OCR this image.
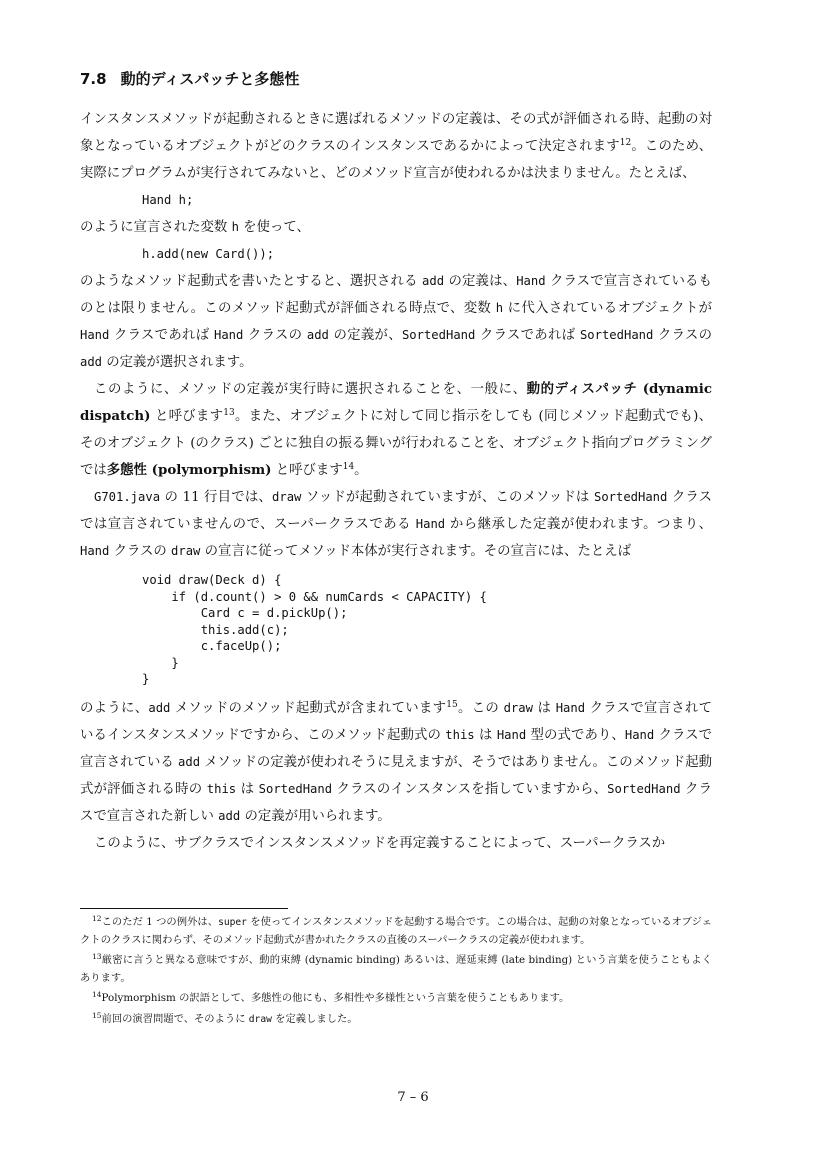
7.8 動的ディスパッチと多態性

インスタンスメソッドが起動されるときに選ばれるメソッドの定義は、その式が評価される時、起動の対象となっているオブジェクトがどのクラスのインスタンスであるかによって決定されます$^{12}$。このため、実際にプログラムが実行されてみないと、どのメソッド宣言が使われるかは決まりません。たとえば、

Hand h;

のように宣言された変数 h を使って、

h.add(new Card());

のようなメソッド起動式を書いたとすると、選択される add の定義は、Hand クラスで宣言されているものとは限りません。このメソッド起動式が評価される時点で、変数 h に代入されているオブジェクトが Hand クラスであれば Hand クラスの add の定義が、SortedHand クラスであれば SortedHand クラスの add の定義が選択されます。

このように、メソッドの定義が実行時に選択されることを、一般に、動的ディスパッチ (dynamic dispatch) と呼びます$^{13}$。また、オブジェクトに対して同じ指示をしても (同じメソッド起動式でも)、そのオブジェクト (のクラス) ごとに独自の振る舞いが行われることを、オブジェクト指向プログラミングでは多態性 (polymorphism) と呼びます$^{14}$。

G701.java の 11 行目では、draw ソッドが起動されていますが、このメソッドは SortedHand クラスでは宣言されていませんので、スーパークラスである Hand から継承した定義が使われます。つまり、Hand クラスの draw の宣言に従ってメソッド本体が実行されます。その宣言には、たとえば

void draw(Deck d) {
if (d.count() > 0 && numCards < CAPACITY) {
Card c = d.pickUp();
this.add(c);
c.faceUp();
}
}

のように、add メソッドのメソッド起動式が含まれています$^{15}$。この draw は Hand クラスで宣言されているインスタンスメソッドですから、このメソッド起動式の this は Hand 型の式であり、Hand クラスで宣言されている add メソッドの定義が使われそうに見えますが、そうではありません。このメソッド起動式が評価される時の this は SortedHand クラスのインスタンスを指していますから、SortedHand クラスで宣言された新しい add の定義が用いられます。

このように、サブクラスでインスタンスメソッドを再定義することによって、スーパークラスか

$^{12}$このただ 1 つの例外は、super を使ってインスタンスメソッドを起動する場合です。この場合は、起動の対象となっているオブジェクトのクラスに関わらず、そのメソッド起動式が書かれたクラスの直後のスーパークラスの定義が使われます。
$^{13}$厳密に言うと異なる意味ですが、動的束縛 (dynamic binding) あるいは、遅延束縛 (late binding) という言葉を使うこともよくあります。
$^{14}$Polymorphism の訳語として、多態性の他にも、多相性や多様性という言葉を使うこともあります。
$^{15}$前回の演習問題で、そのように draw を定義しました。
7 – 6
